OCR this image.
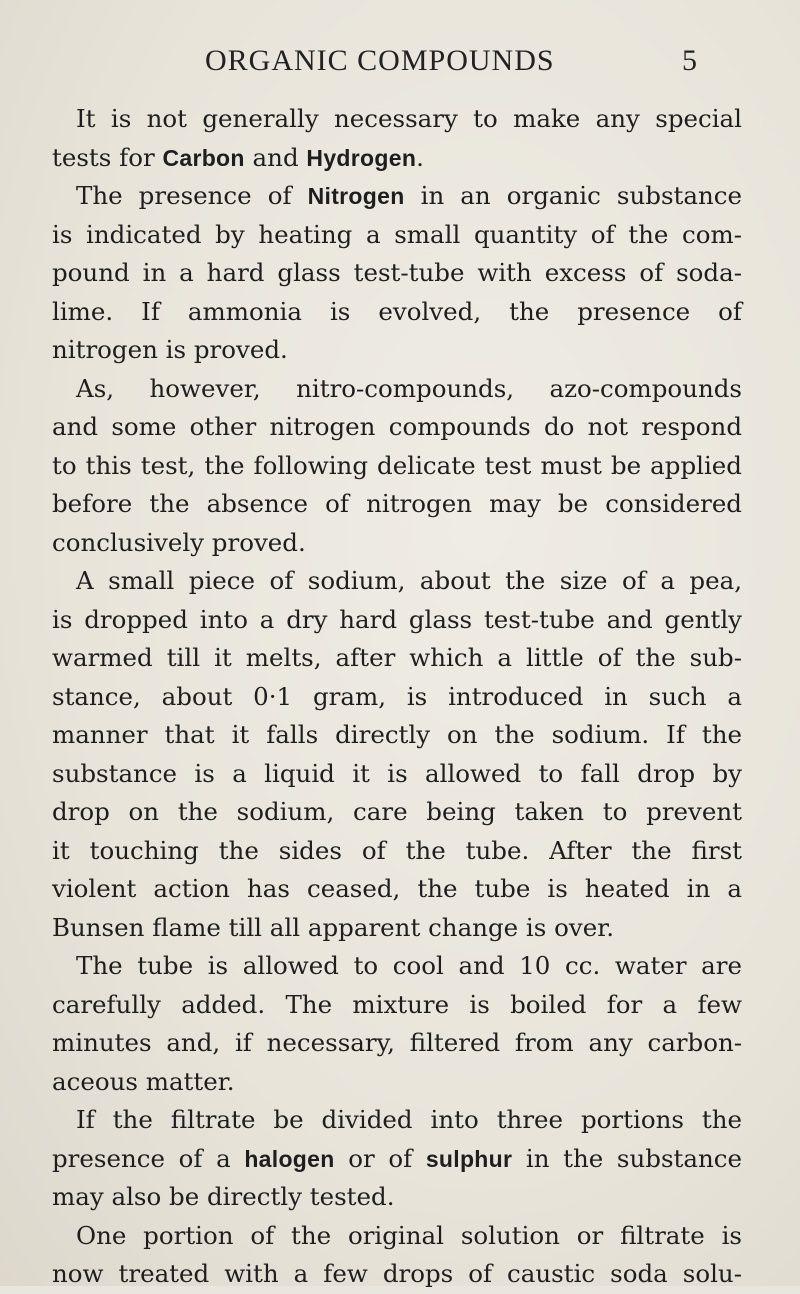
ORGANIC COMPOUNDS	5
It is not generally necessary to make any special
tests for Carbon and Hydrogen.
The presence of Nitrogen in an organic substance
is indicated by heating a small quantity of the com-
pound in a hard glass test-tube with excess of soda-
lime. If ammonia is evolved, the presence of
nitrogen is proved.
As, however, nitro-compounds, azo-compounds
and some other nitrogen compounds do not respond
to this test, the following delicate test must be applied
before the absence of nitrogen may be considered
conclusively proved.
A small piece of sodium, about the size of a pea,
is dropped into a dry hard glass test-tube and gently
warmed till it melts, after which a little of the sub-
stance, about 0·1 gram, is introduced in such a
manner that it falls directly on the sodium. If the
substance is a liquid it is allowed to fall drop by
drop on the sodium, care being taken to prevent
it touching the sides of the tube. After the first
violent action has ceased, the tube is heated in a
Bunsen flame till all apparent change is over.
The tube is allowed to cool and 10 cc. water are
carefully added. The mixture is boiled for a few
minutes and, if necessary, filtered from any carbon-
aceous matter.
If the filtrate be divided into three portions the
presence of a halogen or of sulphur in the substance
may also be directly tested.
One portion of the original solution or filtrate is
now treated with a few drops of caustic soda solu-
